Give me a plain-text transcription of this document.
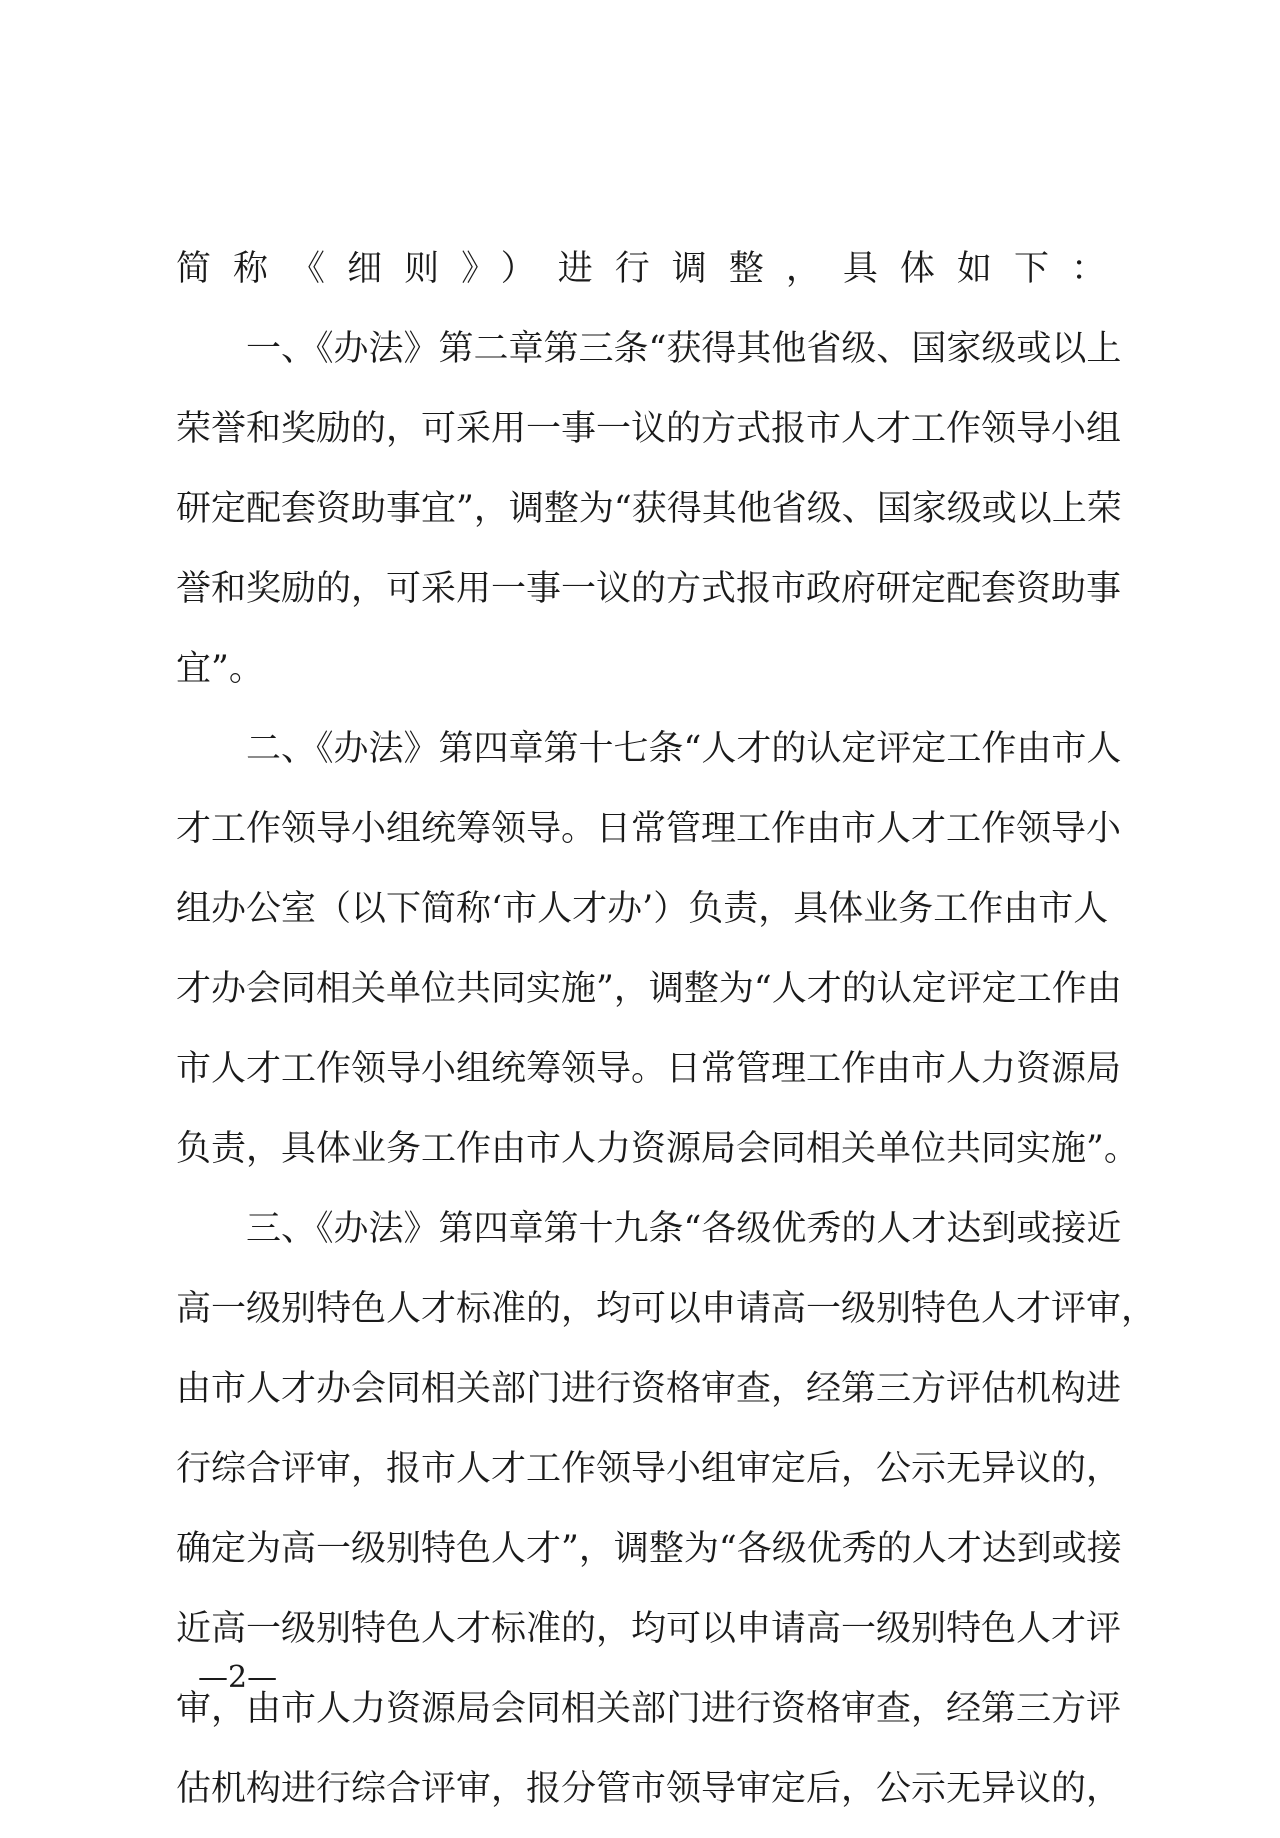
简称《细则》）进行调整，具体如下：
一、《办法》第二章第三条“获得其他省级、国家级或以上
荣誉和奖励的，可采用一事一议的方式报市人才工作领导小组
研定配套资助事宜”，调整为“获得其他省级、国家级或以上荣
誉和奖励的，可采用一事一议的方式报市政府研定配套资助事
宜”。
二、《办法》第四章第十七条“人才的认定评定工作由市人
才工作领导小组统筹领导。日常管理工作由市人才工作领导小
组办公室（以下简称‘市人才办’）负责，具体业务工作由市人
才办会同相关单位共同实施”，调整为“人才的认定评定工作由
市人才工作领导小组统筹领导。日常管理工作由市人力资源局
负责，具体业务工作由市人力资源局会同相关单位共同实施”。
三、《办法》第四章第十九条“各级优秀的人才达到或接近
高一级别特色人才标准的，均可以申请高一级别特色人才评审，
由市人才办会同相关部门进行资格审查，经第三方评估机构进
行综合评审，报市人才工作领导小组审定后，公示无异议的，
确定为高一级别特色人才”，调整为“各级优秀的人才达到或接
近高一级别特色人才标准的，均可以申请高一级别特色人才评
审，由市人力资源局会同相关部门进行资格审查，经第三方评
估机构进行综合评审，报分管市领导审定后，公示无异议的，
—2—
